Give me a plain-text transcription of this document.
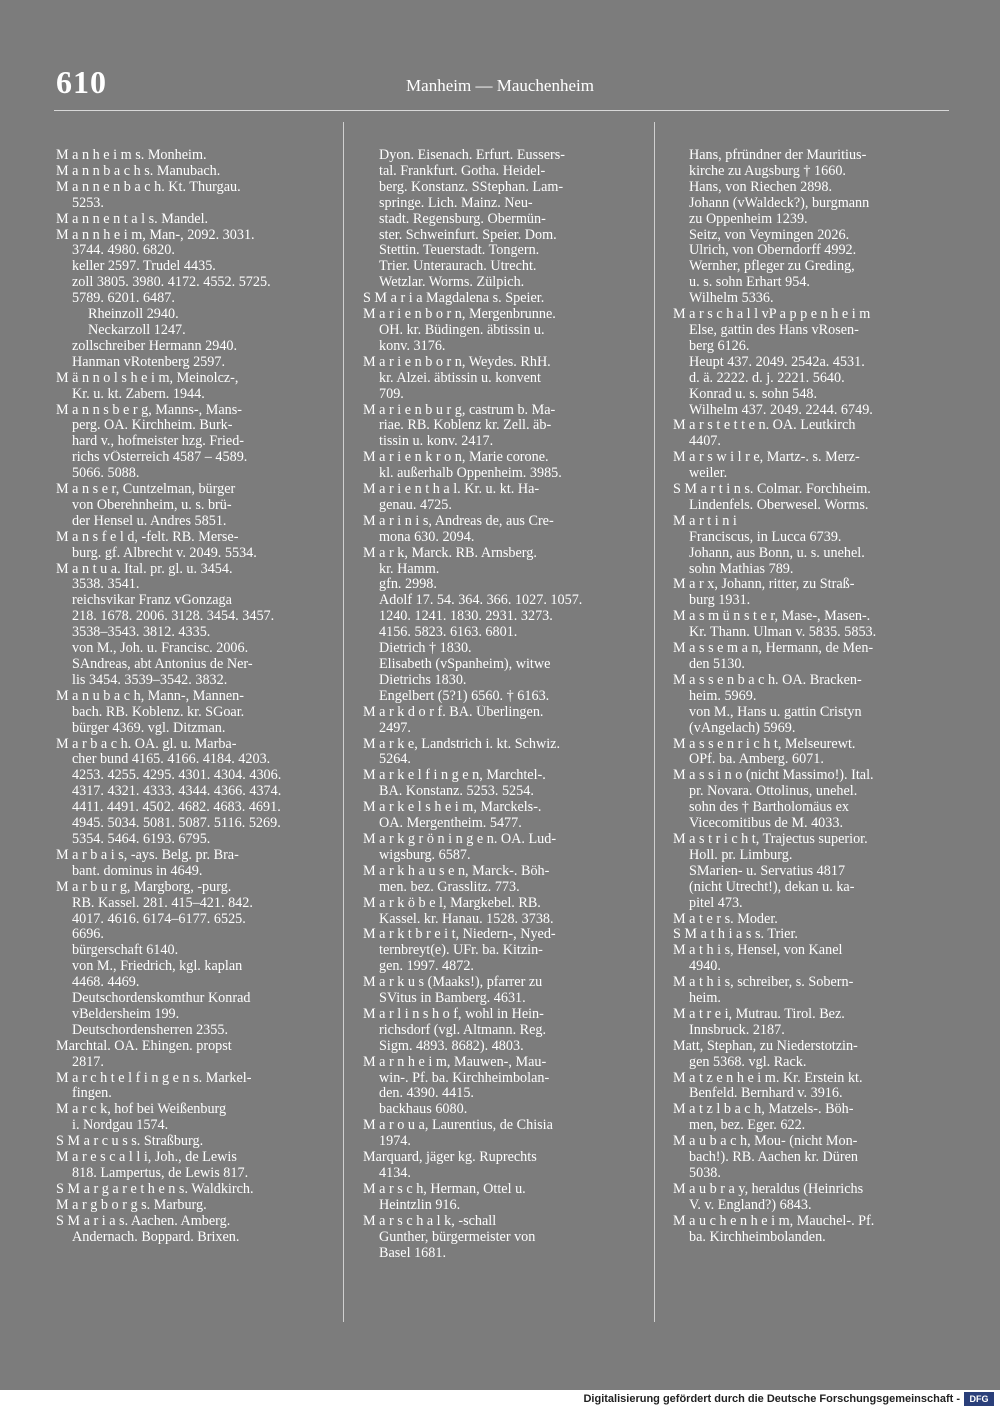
610	Manheim — Mauchenheim
M a n h e i m s. Monheim.
M a n n b a c h s. Manubach.
M a n n e n b a c h. Kt. Thurgau.
5253.
M a n n e n t a l s. Mandel.
M a n n h e i m, Man-, 2092. 3031.
3744. 4980. 6820.
keller 2597. Trudel 4435.
zoll 3805. 3980. 4172. 4552. 5725.
5789. 6201. 6487.
Rheinzoll 2940.
Neckarzoll 1247.
zollschreiber Hermann 2940.
Hanman vRotenberg 2597.
M ä n n o l s h e i m, Meinolcz-,
Kr. u. kt. Zabern. 1944.
M a n n s b e r g, Manns-, Mans-
perg. OA. Kirchheim. Burk-
hard v., hofmeister hzg. Fried-
richs vÖsterreich 4587 – 4589.
5066. 5088.
M a n s e r, Cuntzelman, bürger
von Oberehnheim, u. s. brü-
der Hensel u. Andres 5851.
M a n s f e l d, -felt. RB. Merse-
burg. gf. Albrecht v. 2049. 5534.
M a n t u a. Ital. pr. gl. u. 3454.
3538. 3541.
reichsvikar Franz vGonzaga
218. 1678. 2006. 3128. 3454. 3457.
3538–3543. 3812. 4335.
von M., Joh. u. Francisc. 2006.
SAndreas, abt Antonius de Ner-
lis 3454. 3539–3542. 3832.
M a n u b a c h, Mann-, Mannen-
bach. RB. Koblenz. kr. SGoar.
bürger 4369. vgl. Ditzman.
M a r b a c h. OA. gl. u. Marba-
cher bund 4165. 4166. 4184. 4203.
4253. 4255. 4295. 4301. 4304. 4306.
4317. 4321. 4333. 4344. 4366. 4374.
4411. 4491. 4502. 4682. 4683. 4691.
4945. 5034. 5081. 5087. 5116. 5269.
5354. 5464. 6193. 6795.
M a r b a i s, -ays. Belg. pr. Bra-
bant. dominus in 4649.
M a r b u r g, Margborg, -purg.
RB. Kassel. 281. 415–421. 842.
4017. 4616. 6174–6177. 6525.
6696.
bürgerschaft 6140.
von M., Friedrich, kgl. kaplan
4468. 4469.
Deutschordenskomthur Konrad
vBeldersheim 199.
Deutschordensherren 2355.
Marchtal. OA. Ehingen. propst
2817.
M a r c h t e l f i n g e n s. Markel-
fingen.
M a r c k, hof bei Weißenburg
i. Nordgau 1574.
S M a r c u s s. Straßburg.
M a r e s c a l l i, Joh., de Lewis
818. Lampertus, de Lewis 817.
S M a r g a r e t h e n s. Waldkirch.
M a r g b o r g s. Marburg.
S M a r i a s. Aachen. Amberg.
Andernach. Boppard. Brixen.
Dyon. Eisenach. Erfurt. Eussers-
tal. Frankfurt. Gotha. Heidel-
berg. Konstanz. SStephan. Lam-
springe. Lich. Mainz. Neu-
stadt. Regensburg. Obermün-
ster. Schweinfurt. Speier. Dom.
Stettin. Teuerstadt. Tongern.
Trier. Unteraurach. Utrecht.
Wetzlar. Worms. Zülpich.
S M a r i a Magdalena s. Speier.
M a r i e n b o r n, Mergenbrunne.
OH. kr. Büdingen. äbtissin u.
konv. 3176.
M a r i e n b o r n, Weydes. RhH.
kr. Alzei. äbtissin u. konvent
709.
M a r i e n b u r g, castrum b. Ma-
riae. RB. Koblenz kr. Zell. äb-
tissin u. konv. 2417.
M a r i e n k r o n, Marie corone.
kl. außerhalb Oppenheim. 3985.
M a r i e n t h a l. Kr. u. kt. Ha-
genau. 4725.
M a r i n i s, Andreas de, aus Cre-
mona 630. 2094.
M a r k, Marck. RB. Arnsberg.
kr. Hamm.
gfn. 2998.
Adolf 17. 54. 364. 366. 1027. 1057.
1240. 1241. 1830. 2931. 3273.
4156. 5823. 6163. 6801.
Dietrich † 1830.
Elisabeth (vSpanheim), witwe
Dietrichs 1830.
Engelbert (5?1) 6560. † 6163.
M a r k d o r f. BA. Überlingen.
2497.
M a r k e, Landstrich i. kt. Schwiz.
5264.
M a r k e l f i n g e n, Marchtel-.
BA. Konstanz. 5253. 5254.
M a r k e l s h e i m, Marckels-.
OA. Mergentheim. 5477.
M a r k g r ö n i n g e n. OA. Lud-
wigsburg. 6587.
M a r k h a u s e n, Marck-. Böh-
men. bez. Grasslitz. 773.
M a r k ö b e l, Margkebel. RB.
Kassel. kr. Hanau. 1528. 3738.
M a r k t b r e i t, Niedern-, Nyed-
ternbreyt(e). UFr. ba. Kitzin-
gen. 1997. 4872.
M a r k u s (Maaks!), pfarrer zu
SVitus in Bamberg. 4631.
M a r l i n s h o f, wohl in Hein-
richsdorf (vgl. Altmann. Reg.
Sigm. 4893. 8682). 4803.
M a r n h e i m, Mauwen-, Mau-
win-. Pf. ba. Kirchheimbolan-
den. 4390. 4415.
backhaus 6080.
M a r o u a, Laurentius, de Chisia
1974.
Marquard, jäger kg. Ruprechts
4134.
M a r s c h, Herman, Ottel u.
Heintzlin 916.
M a r s c h a l k, -schall
Gunther, bürgermeister von
Basel 1681.
Hans, pfründner der Mauritius-
kirche zu Augsburg † 1660.
Hans, von Riechen 2898.
Johann (vWaldeck?), burgmann
zu Oppenheim 1239.
Seitz, von Veymingen 2026.
Ulrich, von Oberndorff 4992.
Wernher, pfleger zu Greding,
u. s. sohn Erhart 954.
Wilhelm 5336.
M a r s c h a l l vP a p p e n h e i m
Else, gattin des Hans vRosen-
berg 6126.
Heupt 437. 2049. 2542a. 4531.
d. ä. 2222. d. j. 2221. 5640.
Konrad u. s. sohn 548.
Wilhelm 437. 2049. 2244. 6749.
M a r s t e t t e n. OA. Leutkirch
4407.
M a r s w i l r e, Martz-. s. Merz-
weiler.
S M a r t i n s. Colmar. Forchheim.
Lindenfels. Oberwesel. Worms.
M a r t i n i
Franciscus, in Lucca 6739.
Johann, aus Bonn, u. s. unehel.
sohn Mathias 789.
M a r x, Johann, ritter, zu Straß-
burg 1931.
M a s m ü n s t e r, Mase-, Masen-.
Kr. Thann. Ulman v. 5835. 5853.
M a s s e m a n, Hermann, de Men-
den 5130.
M a s s e n b a c h. OA. Bracken-
heim. 5969.
von M., Hans u. gattin Cristyn
(vAngelach) 5969.
M a s s e n r i c h t, Melseurewt.
OPf. ba. Amberg. 6071.
M a s s i n o (nicht Massimo!). Ital.
pr. Novara. Ottolinus, unehel.
sohn des † Bartholomäus ex
Vicecomitibus de M. 4033.
M a s t r i c h t, Trajectus superior.
Holl. pr. Limburg.
SMarien- u. Servatius 4817
(nicht Utrecht!), dekan u. ka-
pitel 473.
M a t e r s. Moder.
S M a t h i a s s. Trier.
M a t h i s, Hensel, von Kanel
4940.
M a t h i s, schreiber, s. Sobern-
heim.
M a t r e i, Mutrau. Tirol. Bez.
Innsbruck. 2187.
Matt, Stephan, zu Niederstotzin-
gen 5368. vgl. Rack.
M a t z e n h e i m. Kr. Erstein kt.
Benfeld. Bernhard v. 3916.
M a t z l b a c h, Matzels-. Böh-
men, bez. Eger. 622.
M a u b a c h, Mou- (nicht Mon-
bach!). RB. Aachen kr. Düren
5038.
M a u b r a y, heraldus (Heinrichs
V. v. England?) 6843.
M a u c h e n h e i m, Mauchel-. Pf.
ba. Kirchheimbolanden.
Digitalisierung gefördert durch die Deutsche Forschungsgemeinschaft -	DFG
